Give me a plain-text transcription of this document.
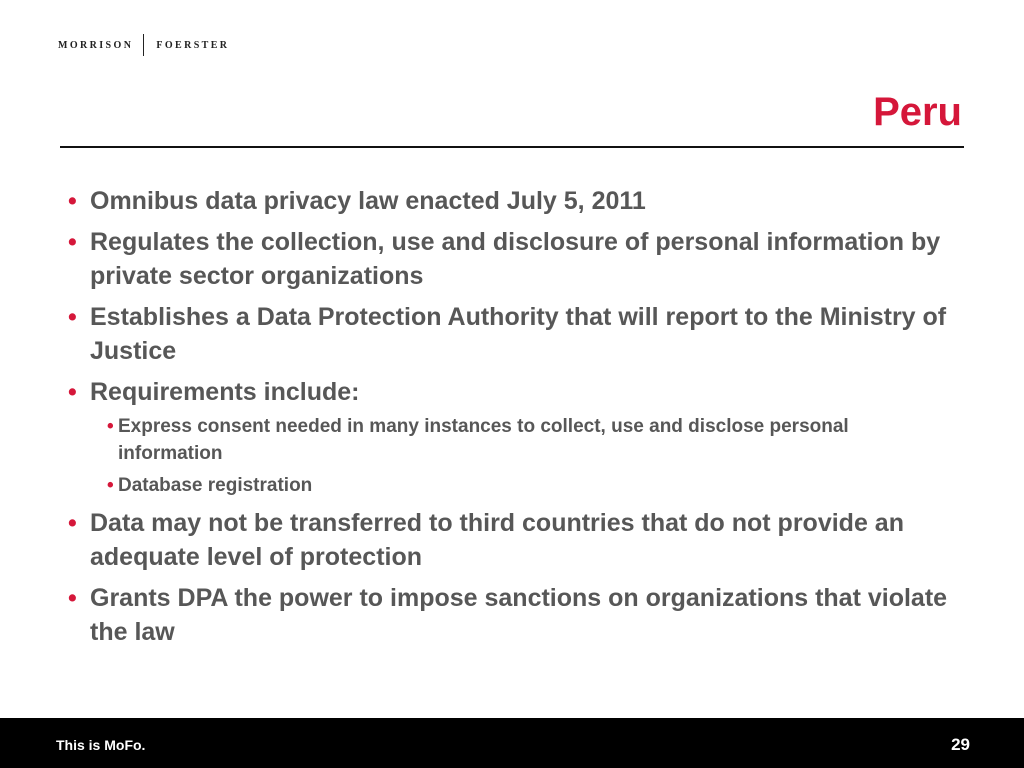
MORRISON FOERSTER
Peru
• Omnibus data privacy law enacted July 5, 2011
• Regulates the collection, use and disclosure of personal information by private sector organizations
• Establishes a Data Protection Authority that will report to the Ministry of Justice
• Requirements include:
• Express consent needed in many instances to collect, use and disclose personal information
• Database registration
• Data may not be transferred to third countries that do not provide an adequate level of protection
• Grants DPA the power to impose sanctions on organizations that violate the law
This is MoFo.	29
